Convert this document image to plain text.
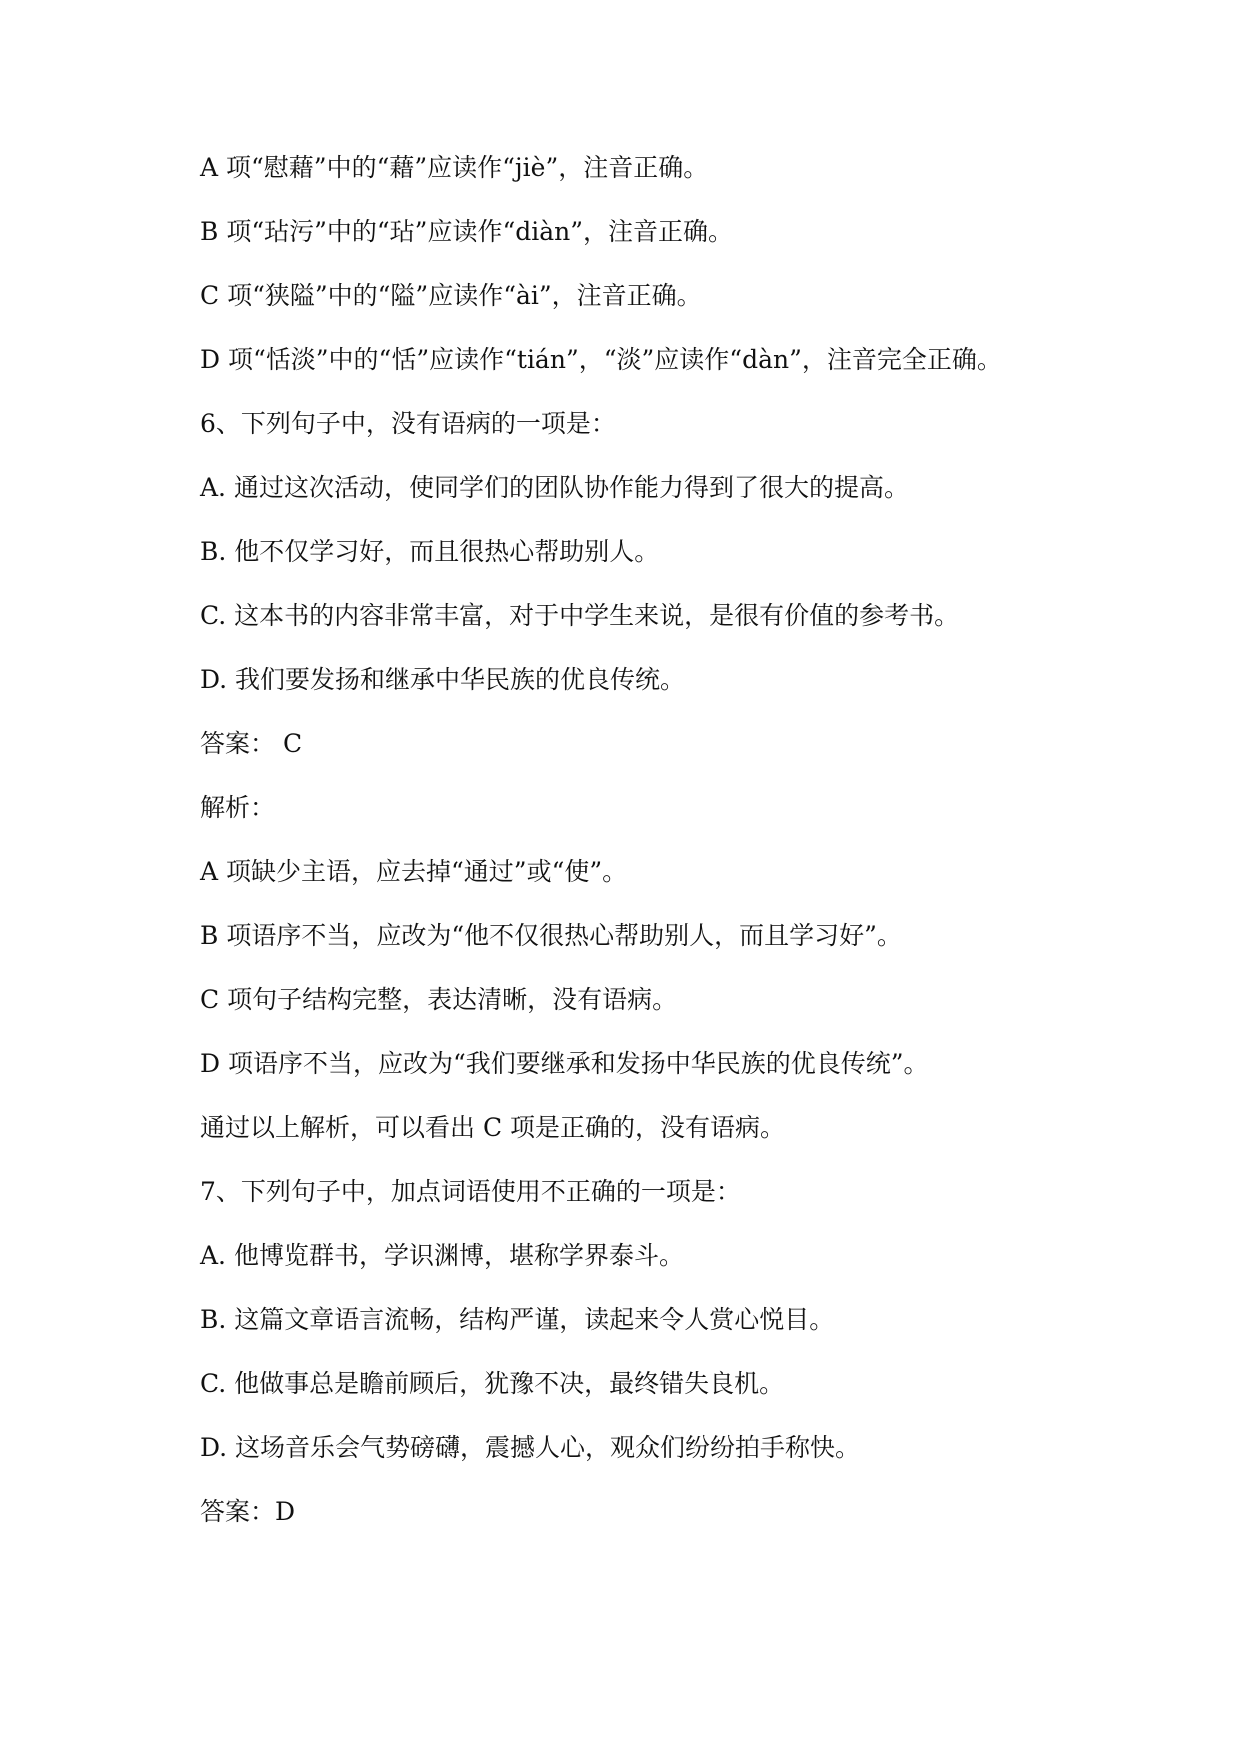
A 项“慰藉”中的“藉”应读作“jiè”，注音正确。

B 项“玷污”中的“玷”应读作“diàn”，注音正确。

C 项“狭隘”中的“隘”应读作“ài”，注音正确。

D 项“恬淡”中的“恬”应读作“tián”，“淡”应读作“dàn”，注音完全正确。

6、下列句子中，没有语病的一项是：

A. 通过这次活动，使同学们的团队协作能力得到了很大的提高。

B. 他不仅学习好，而且很热心帮助别人。

C. 这本书的内容非常丰富，对于中学生来说，是很有价值的参考书。

D. 我们要发扬和继承中华民族的优良传统。

答案： C

解析：

A 项缺少主语，应去掉“通过”或“使”。

B 项语序不当，应改为“他不仅很热心帮助别人，而且学习好”。

C 项句子结构完整，表达清晰，没有语病。

D 项语序不当，应改为“我们要继承和发扬中华民族的优良传统”。

通过以上解析，可以看出 C 项是正确的，没有语病。

7、下列句子中，加点词语使用不正确的一项是：

A. 他博览群书，学识渊博，堪称学界泰斗。

B. 这篇文章语言流畅，结构严谨，读起来令人赏心悦目。

C. 他做事总是瞻前顾后，犹豫不决，最终错失良机。

D. 这场音乐会气势磅礴，震撼人心，观众们纷纷拍手称快。

答案：D
